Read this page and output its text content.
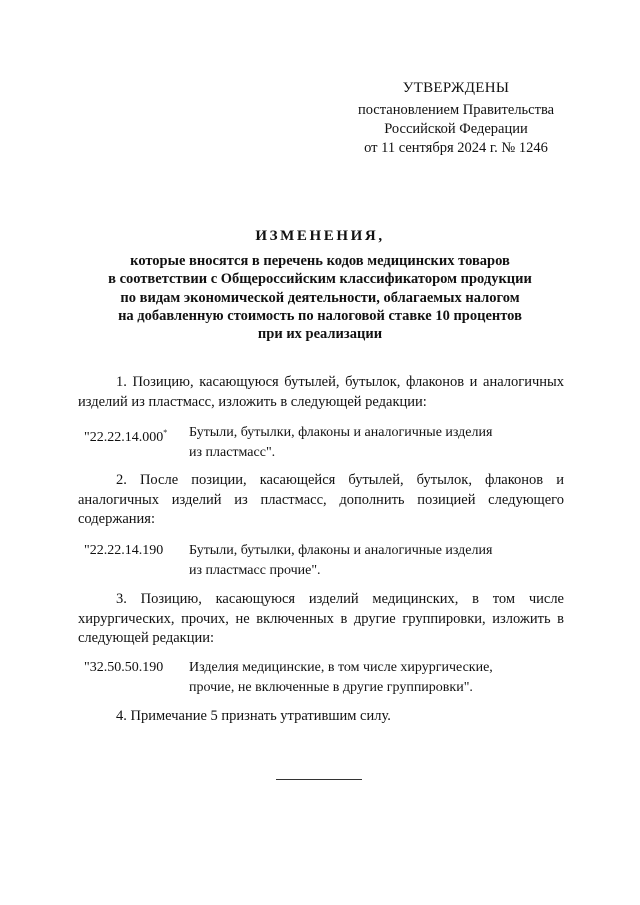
УТВЕРЖДЕНЫ
постановлением Правительства
Российской Федерации
от 11 сентября 2024 г. № 1246
ИЗМЕНЕНИЯ,
которые вносятся в перечень кодов медицинских товаров
в соответствии с Общероссийским классификатором продукции
по видам экономической деятельности, облагаемых налогом
на добавленную стоимость по налоговой ставке 10 процентов
при их реализации
1. Позицию, касающуюся бутылей, бутылок, флаконов и аналогичных изделий из пластмасс, изложить в следующей редакции:
"22.22.14.000* Бутыли, бутылки, флаконы и аналогичные изделия
из пластмасс".
2. После позиции, касающейся бутылей, бутылок, флаконов и аналогичных изделий из пластмасс, дополнить позицией следующего содержания:
"22.22.14.190 Бутыли, бутылки, флаконы и аналогичные изделия
из пластмасс прочие".
3. Позицию, касающуюся изделий медицинских, в том числе хирургических, прочих, не включенных в другие группировки, изложить в следующей редакции:
"32.50.50.190 Изделия медицинские, в том числе хирургические,
прочие, не включенные в другие группировки".
4. Примечание 5 признать утратившим силу.
